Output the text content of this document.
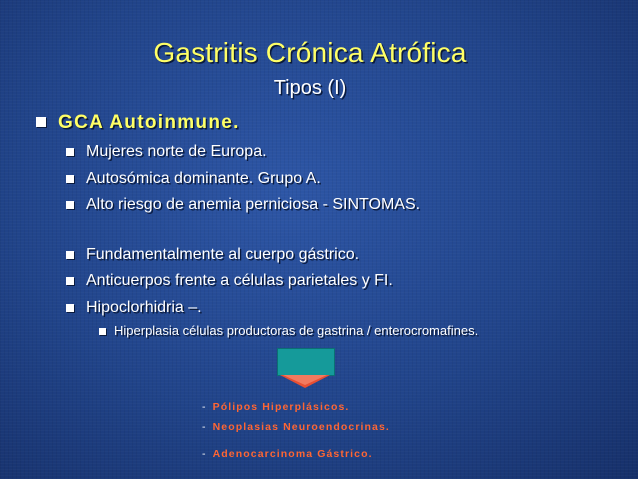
Gastritis Crónica Atrófica
Tipos (I)
GCA Autoinmune.
Mujeres norte de Europa.
Autosómica dominante. Grupo A.
Alto riesgo de anemia perniciosa - SINTOMAS.
Fundamentalmente al cuerpo gástrico.
Anticuerpos frente a células parietales y FI.
Hipoclorhidria –.
Hiperplasia células productoras de gastrina / enterocromafines.
- Pólipos Hiperplásicos.
- Neoplasias Neuroendocrinas.
- Adenocarcinoma Gástrico.
